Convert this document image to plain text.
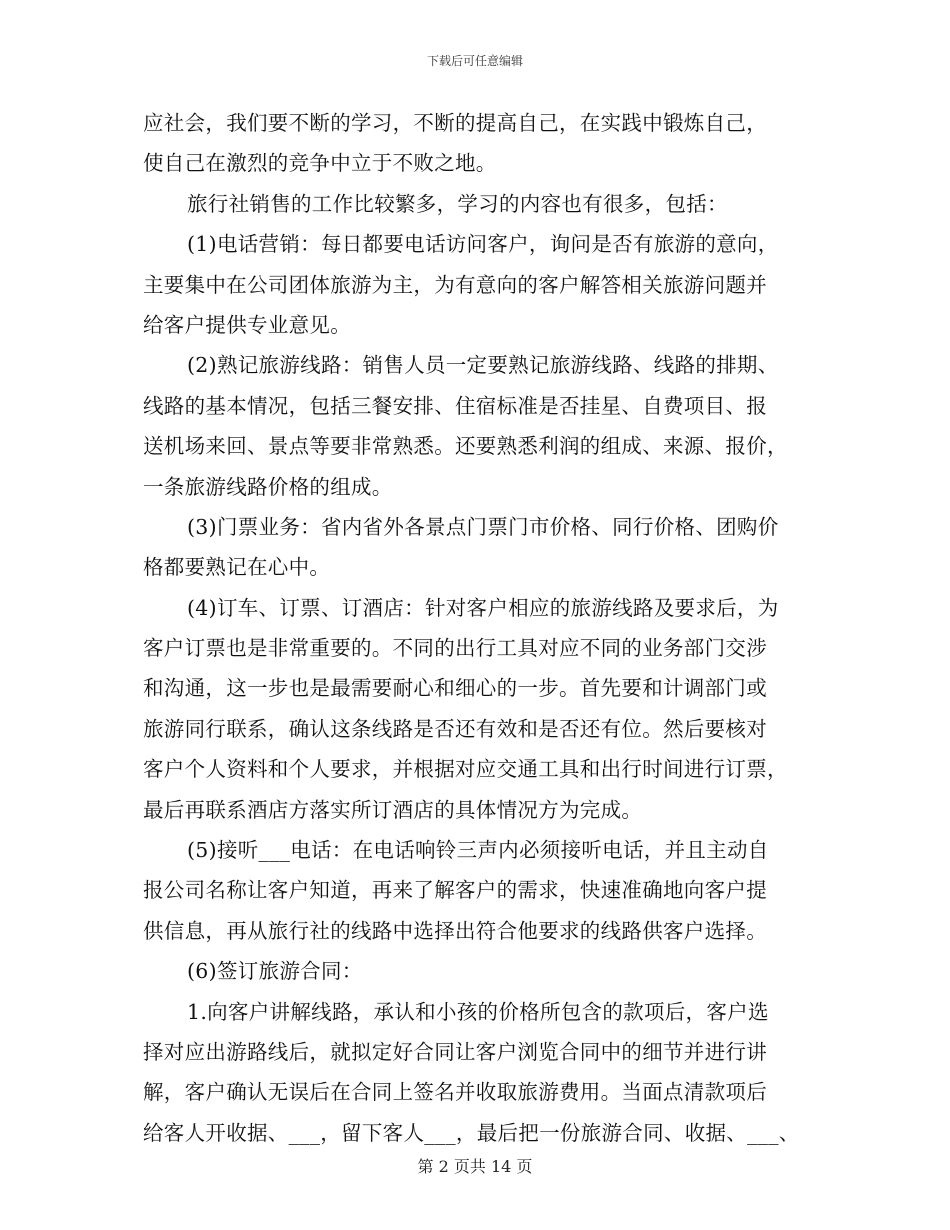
下载后可任意编辑
应社会，我们要不断的学习，不断的提高自己，在实践中锻炼自己，
使自己在激烈的竞争中立于不败之地。
旅行社销售的工作比较繁多，学习的内容也有很多，包括：
(1)电话营销：每日都要电话访问客户，询问是否有旅游的意向，
主要集中在公司团体旅游为主，为有意向的客户解答相关旅游问题并
给客户提供专业意见。
(2)熟记旅游线路：销售人员一定要熟记旅游线路、线路的排期、
线路的基本情况，包括三餐安排、住宿标准是否挂星、自费项目、报
送机场来回、景点等要非常熟悉。还要熟悉利润的组成、来源、报价，
一条旅游线路价格的组成。
(3)门票业务：省内省外各景点门票门市价格、同行价格、团购价
格都要熟记在心中。
(4)订车、订票、订酒店：针对客户相应的旅游线路及要求后，为
客户订票也是非常重要的。不同的出行工具对应不同的业务部门交涉
和沟通，这一步也是最需要耐心和细心的一步。首先要和计调部门或
旅游同行联系，确认这条线路是否还有效和是否还有位。然后要核对
客户个人资料和个人要求，并根据对应交通工具和出行时间进行订票，
最后再联系酒店方落实所订酒店的具体情况方为完成。
(5)接听___电话：在电话响铃三声内必须接听电话，并且主动自
报公司名称让客户知道，再来了解客户的需求，快速准确地向客户提
供信息，再从旅行社的线路中选择出符合他要求的线路供客户选择。
(6)签订旅游合同：
1.向客户讲解线路，承认和小孩的价格所包含的款项后，客户选
择对应出游路线后，就拟定好合同让客户浏览合同中的细节并进行讲
解，客户确认无误后在合同上签名并收取旅游费用。当面点清款项后
给客人开收据、___，留下客人___，最后把一份旅游合同、收据、___、
第 2 页共 14 页
